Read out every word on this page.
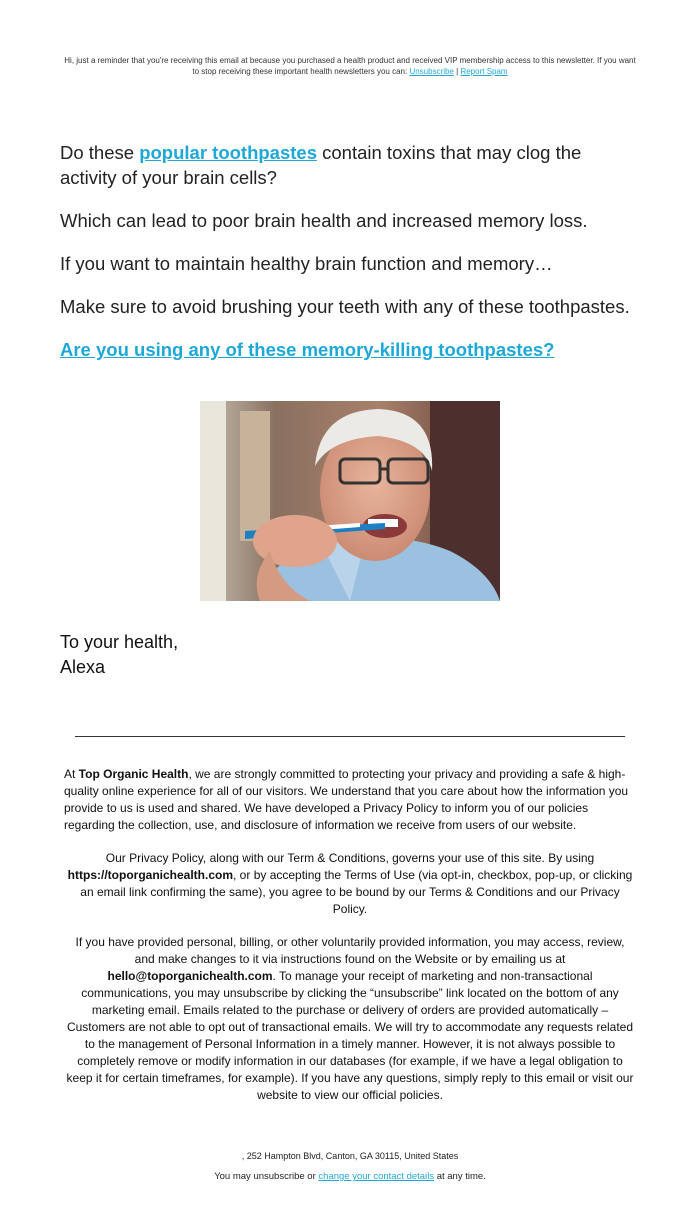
Hi, just a reminder that you're receiving this email at because you purchased a health product and received VIP membership access to this newsletter. If you want to stop receiving these important health newsletters you can: Unsubscribe | Report Spam

Do these popular toothpastes contain toxins that may clog the activity of your brain cells?

Which can lead to poor brain health and increased memory loss.

If you want to maintain healthy brain function and memory…

Make sure to avoid brushing your teeth with any of these toothpastes.

Are you using any of these memory-killing toothpastes?

To your health,
Alexa
At Top Organic Health, we are strongly committed to protecting your privacy and providing a safe & high-quality online experience for all of our visitors. We understand that you care about how the information you provide to us is used and shared. We have developed a Privacy Policy to inform you of our policies regarding the collection, use, and disclosure of information we receive from users of our website.
Our Privacy Policy, along with our Term & Conditions, governs your use of this site. By using https://toporganichealth.com, or by accepting the Terms of Use (via opt-in, checkbox, pop-up, or clicking an email link confirming the same), you agree to be bound by our Terms & Conditions and our Privacy Policy.
If you have provided personal, billing, or other voluntarily provided information, you may access, review, and make changes to it via instructions found on the Website or by emailing us at hello@toporganichealth.com. To manage your receipt of marketing and non-transactional communications, you may unsubscribe by clicking the “unsubscribe” link located on the bottom of any marketing email. Emails related to the purchase or delivery of orders are provided automatically – Customers are not able to opt out of transactional emails. We will try to accommodate any requests related to the management of Personal Information in a timely manner. However, it is not always possible to completely remove or modify information in our databases (for example, if we have a legal obligation to keep it for certain timeframes, for example). If you have any questions, simply reply to this email or visit our website to view our official policies.
, 252 Hampton Blvd, Canton, GA 30115, United States
You may unsubscribe or change your contact details at any time.
